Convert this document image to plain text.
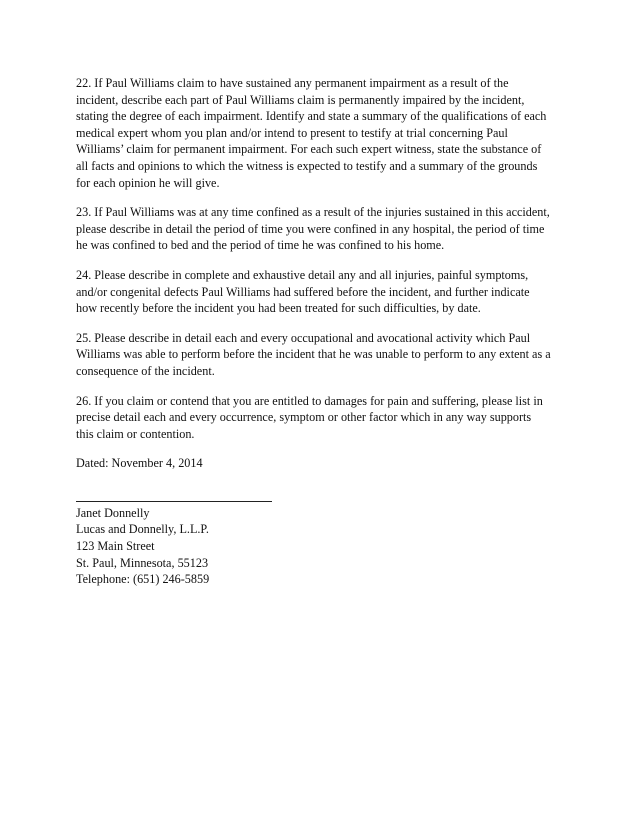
22. If Paul Williams claim to have sustained any permanent impairment as a result of the
incident, describe each part of Paul Williams claim is permanently impaired by the incident,
stating the degree of each impairment. Identify and state a summary of the qualifications of each
medical expert whom you plan and/or intend to present to testify at trial concerning Paul
Williams’ claim for permanent impairment. For each such expert witness, state the substance of
all facts and opinions to which the witness is expected to testify and a summary of the grounds
for each opinion he will give.
23. If Paul Williams was at any time confined as a result of the injuries sustained in this accident,
please describe in detail the period of time you were confined in any hospital, the period of time
he was confined to bed and the period of time he was confined to his home.
24. Please describe in complete and exhaustive detail any and all injuries, painful symptoms,
and/or congenital defects Paul Williams had suffered before the incident, and further indicate
how recently before the incident you had been treated for such difficulties, by date.
25. Please describe in detail each and every occupational and avocational activity which Paul
Williams was able to perform before the incident that he was unable to perform to any extent as a
consequence of the incident.
26. If you claim or contend that you are entitled to damages for pain and suffering, please list in
precise detail each and every occurrence, symptom or other factor which in any way supports
this claim or contention.
Dated: November 4, 2014
Janet Donnelly
Lucas and Donnelly, L.L.P.
123 Main Street
St. Paul, Minnesota, 55123
Telephone: (651) 246-5859
